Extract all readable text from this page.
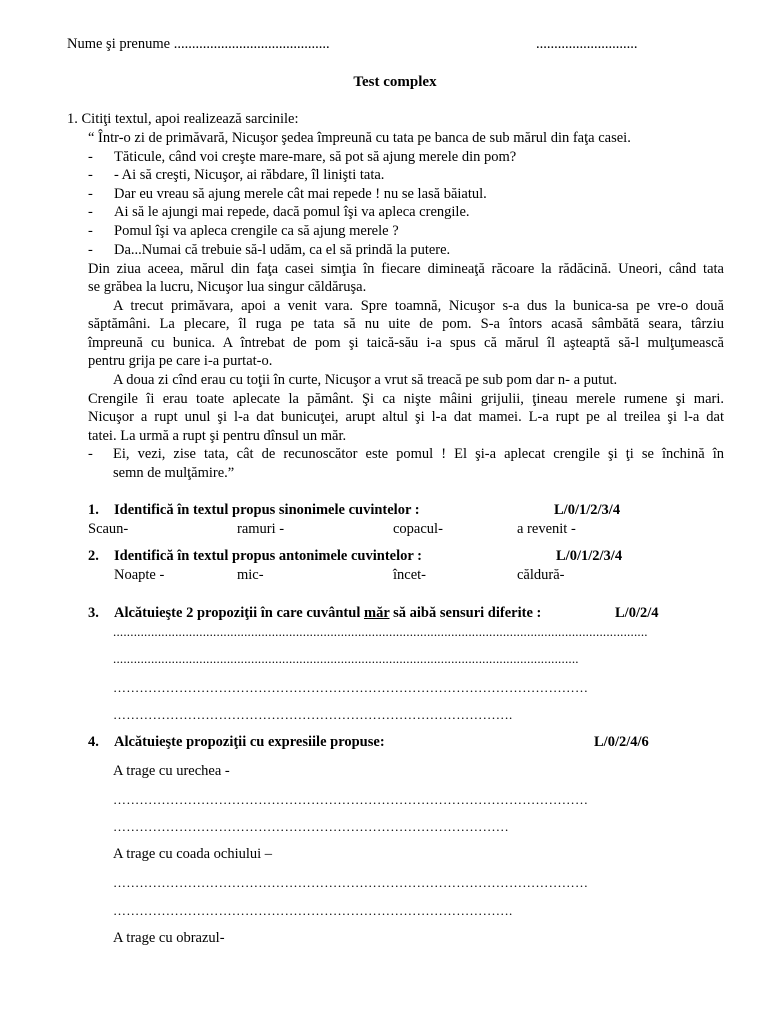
Nume şi prenume ...........................................	............................
Test complex
1. Citiţi textul, apoi realizează sarcinile:
“ Într-o zi de primăvară, Nicuşor şedea împreună cu tata pe banca de sub mărul din faţa casei.
- Tăticule, când voi creşte mare-mare, să pot să ajung merele din pom?
- - Ai să creşti, Nicuşor, ai răbdare, îl linişti tata.
- Dar eu vreau să ajung merele cât mai repede ! nu se lasă băiatul.
- Ai să le ajungi mai repede, dacă pomul îşi va apleca crengile.
- Pomul îşi va apleca crengile ca să ajung merele ?
- Da...Numai că trebuie să-l udăm, ca el să prindă la putere.
Din ziua aceea, mărul din faţa casei simţia în fiecare dimineaţă răcoare la rădăcină. Uneori, când tata
se grăbea la lucru, Nicuşor lua singur căldăruşa.
A trecut primăvara, apoi a venit vara. Spre toamnă, Nicuşor s-a dus la bunica-sa pe vre-o două
săptămâni. La plecare, îl ruga pe tata să nu uite de pom. S-a întors acasă sâmbătă seara, târziu
împreună cu bunica. A întrebat de pom şi taică-său i-a spus că mărul îl aşteaptă să-l mulţumească
pentru grija pe care i-a purtat-o.
A doua zi cînd erau cu toţii în curte, Nicuşor a vrut să treacă pe sub pom dar n- a putut.
Crengile îi erau toate aplecate la pământ. Şi ca nişte mâini grijulii, ţineau merele rumene şi mari.
Nicuşor a rupt unul şi l-a dat bunicuţei, arupt altul şi l-a dat mamei. L-a rupt pe al treilea şi l-a dat
tatei. La urmă a rupt şi pentru dînsul un măr.
-	Ei, vezi, zise tata, cât de recunoscător este pomul ! El şi-a aplecat crengile şi ţi se închină în
semn de mulţămire.”
1. Identifică în textul propus sinonimele cuvintelor :	L/0/1/2/3/4
Scaun-	ramuri -	copacul-	a revenit -
2. Identifică în textul propus antonimele cuvintelor :	L/0/1/2/3/4
Noapte -	mic-	încet-	căldură-
3. Alcătuieşte 2 propoziţii în care cuvântul măr să aibă sensuri diferite :	L/0/2/4
...........................................................................................................................................................
.......................................................................................................................................
………………………………………………………………………………………………
……………………………………………………………………………….
4. Alcătuieşte propoziţii cu expresiile propuse:	L/0/2/4/6
A trage cu urechea -
………………………………………………………………………………………………
………………………………………………………………………………
A trage cu coada ochiului –
………………………………………………………………………………………………
……………………………………………………………………………….
A trage cu obrazul-
